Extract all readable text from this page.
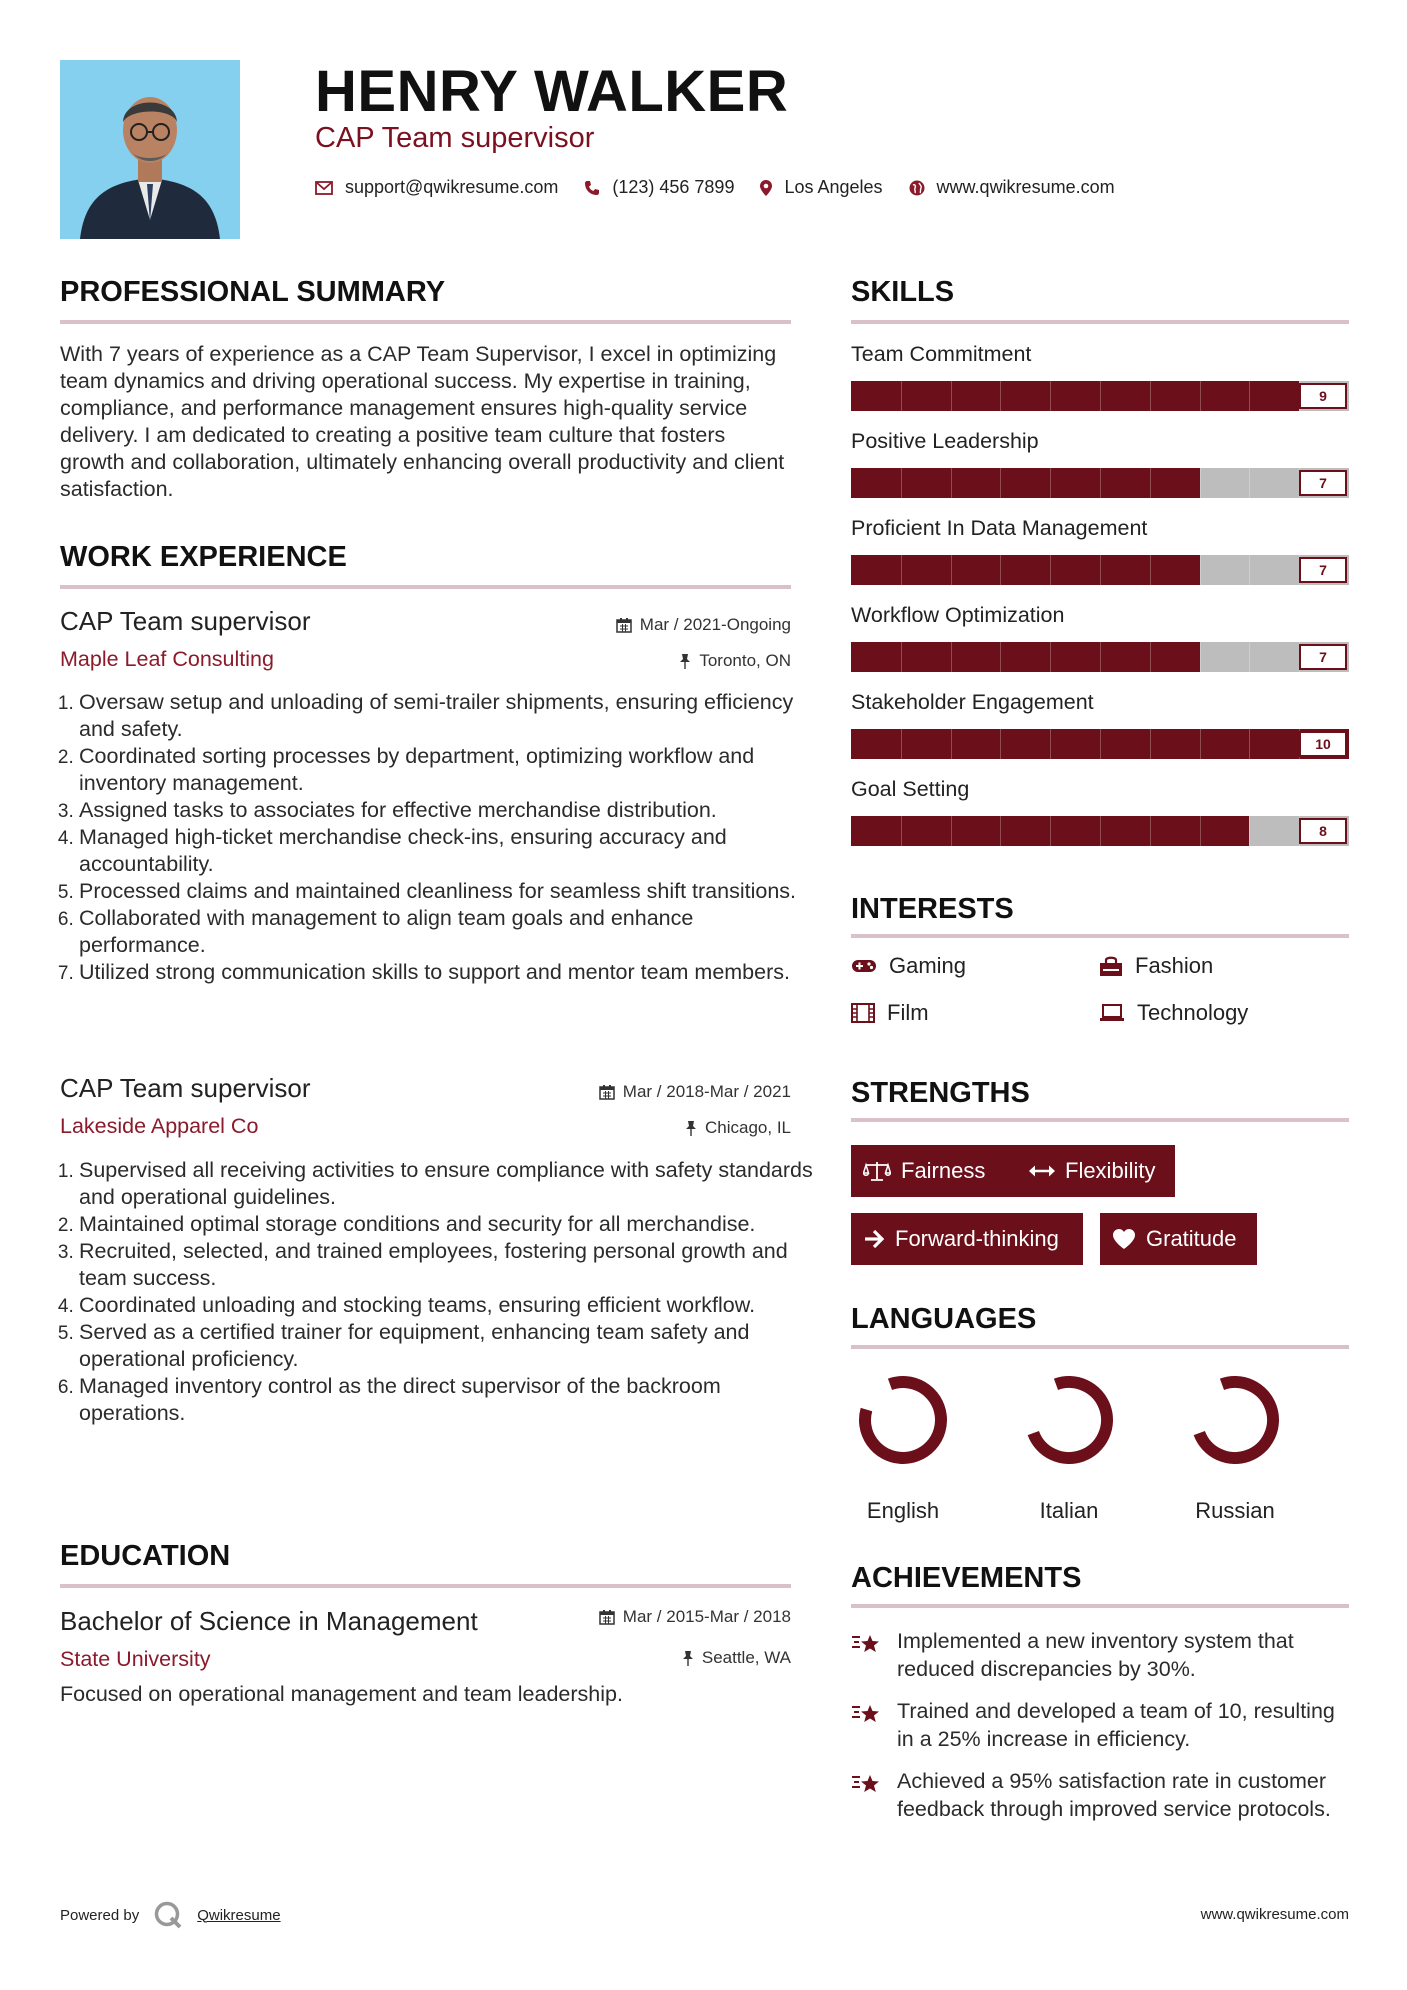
HENRY WALKER
CAP Team supervisor
support@qwikresume.com	(123) 456 7899	Los Angeles	www.qwikresume.com
PROFESSIONAL SUMMARY
With 7 years of experience as a CAP Team Supervisor, I excel in optimizing team dynamics and driving operational success. My expertise in training, compliance, and performance management ensures high-quality service delivery. I am dedicated to creating a positive team culture that fosters growth and collaboration, ultimately enhancing overall productivity and client satisfaction.
WORK EXPERIENCE
CAP Team supervisor
Maple Leaf Consulting
Mar / 2021-Ongoing
Toronto, ON
1. Oversaw setup and unloading of semi-trailer shipments, ensuring efficiency and safety.
2. Coordinated sorting processes by department, optimizing workflow and inventory management.
3. Assigned tasks to associates for effective merchandise distribution.
4. Managed high-ticket merchandise check-ins, ensuring accuracy and accountability.
5. Processed claims and maintained cleanliness for seamless shift transitions.
6. Collaborated with management to align team goals and enhance performance.
7. Utilized strong communication skills to support and mentor team members.
CAP Team supervisor
Lakeside Apparel Co
Mar / 2018-Mar / 2021
Chicago, IL
1. Supervised all receiving activities to ensure compliance with safety standards and operational guidelines.
2. Maintained optimal storage conditions and security for all merchandise.
3. Recruited, selected, and trained employees, fostering personal growth and team success.
4. Coordinated unloading and stocking teams, ensuring efficient workflow.
5. Served as a certified trainer for equipment, enhancing team safety and operational proficiency.
6. Managed inventory control as the direct supervisor of the backroom operations.
EDUCATION
Bachelor of Science in Management
State University
Mar / 2015-Mar / 2018
Seattle, WA
Focused on operational management and team leadership.
SKILLS
Team Commitment
9
Positive Leadership
7
Proficient In Data Management
7
Workflow Optimization
7
Stakeholder Engagement
10
Goal Setting
8
INTERESTS
Gaming	Fashion
Film	Technology
STRENGTHS
Fairness	Flexibility
Forward-thinking	Gratitude
LANGUAGES
English	Italian	Russian
ACHIEVEMENTS
Implemented a new inventory system that reduced discrepancies by 30%.
Trained and developed a team of 10, resulting in a 25% increase in efficiency.
Achieved a 95% satisfaction rate in customer feedback through improved service protocols.
Powered by	Qwikresume	www.qwikresume.com
